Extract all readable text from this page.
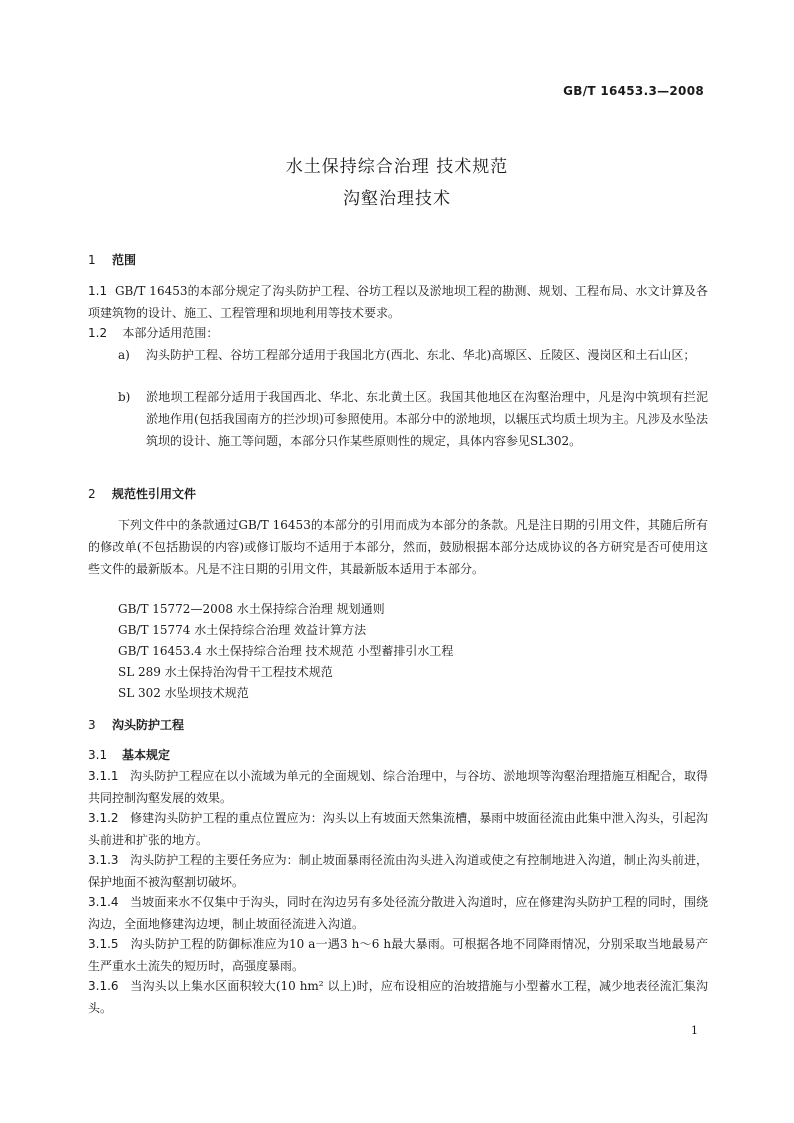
GB/T 16453.3—2008
水土保持综合治理 技术规范
沟壑治理技术
1 范围
1.1 GB/T 16453的本部分规定了沟头防护工程、谷坊工程以及淤地坝工程的勘测、规划、工程布局、水文计算及各项建筑物的设计、施工、工程管理和坝地利用等技术要求。
1.2 本部分适用范围：
a) 沟头防护工程、谷坊工程部分适用于我国北方(西北、东北、华北)高塬区、丘陵区、漫岗区和土石山区；
b) 淤地坝工程部分适用于我国西北、华北、东北黄土区。我国其他地区在沟壑治理中，凡是沟中筑坝有拦泥淤地作用(包括我国南方的拦沙坝)可参照使用。本部分中的淤地坝，以辗压式均质土坝为主。凡涉及水坠法筑坝的设计、施工等问题，本部分只作某些原则性的规定，具体内容参见SL302。
2 规范性引用文件
下列文件中的条款通过GB/T 16453的本部分的引用而成为本部分的条款。凡是注日期的引用文件，其随后所有的修改单(不包括勘误的内容)或修订版均不适用于本部分，然而，鼓励根据本部分达成协议的各方研究是否可使用这些文件的最新版本。凡是不注日期的引用文件，其最新版本适用于本部分。
GB/T 15772—2008 水土保持综合治理 规划通则
GB/T 15774 水土保持综合治理 效益计算方法
GB/T 16453.4 水土保持综合治理 技术规范 小型蓄排引水工程
SL 289 水土保持治沟骨干工程技术规范
SL 302 水坠坝技术规范
3 沟头防护工程
3.1 基本规定
3.1.1 沟头防护工程应在以小流域为单元的全面规划、综合治理中，与谷坊、淤地坝等沟壑治理措施互相配合，取得共同控制沟壑发展的效果。
3.1.2 修建沟头防护工程的重点位置应为：沟头以上有坡面天然集流槽，暴雨中坡面径流由此集中泄入沟头，引起沟头前进和扩张的地方。
3.1.3 沟头防护工程的主要任务应为：制止坡面暴雨径流由沟头进入沟道或使之有控制地进入沟道，制止沟头前进，保护地面不被沟壑割切破坏。
3.1.4 当坡面来水不仅集中于沟头，同时在沟边另有多处径流分散进入沟道时，应在修建沟头防护工程的同时，围绕沟边，全面地修建沟边埂，制止坡面径流进入沟道。
3.1.5 沟头防护工程的防御标准应为10 a一遇3 h～6 h最大暴雨。可根据各地不同降雨情况，分别采取当地最易产生严重水土流失的短历时，高强度暴雨。
3.1.6 当沟头以上集水区面积较大(10 hm² 以上)时，应布设相应的治坡措施与小型蓄水工程，减少地表径流汇集沟头。
1
